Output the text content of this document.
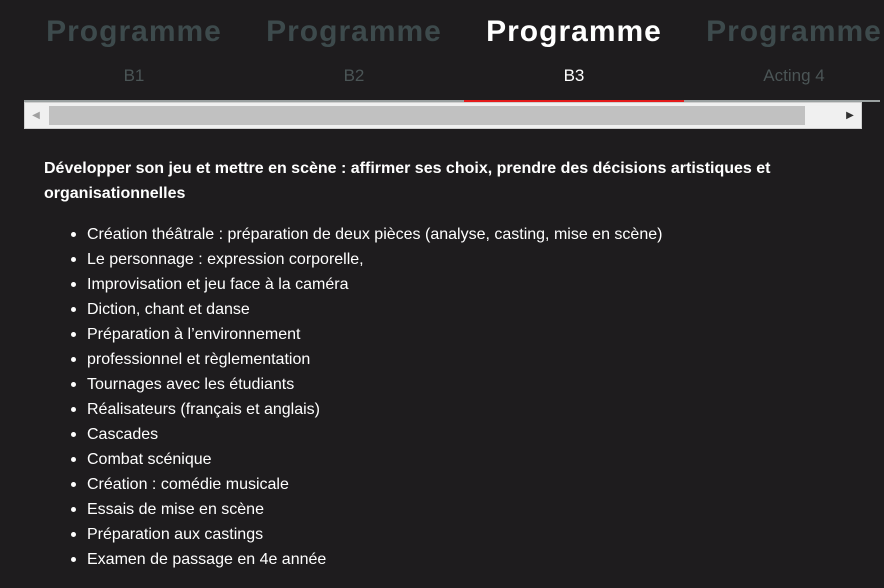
Programme
B1
Programme
B2
Programme
B3
Programme
Acting 4
◀	▶

Développer son jeu et mettre en scène : affirmer ses choix, prendre des décisions artistiques et organisationnelles

Création théâtrale : préparation de deux pièces (analyse, casting, mise en scène)
Le personnage : expression corporelle,
Improvisation et jeu face à la caméra
Diction, chant et danse
Préparation à l’environnement
professionnel et règlementation
Tournages avec les étudiants
Réalisateurs (français et anglais)
Cascades
Combat scénique
Création : comédie musicale
Essais de mise en scène
Préparation aux castings
Examen de passage en 4e année
